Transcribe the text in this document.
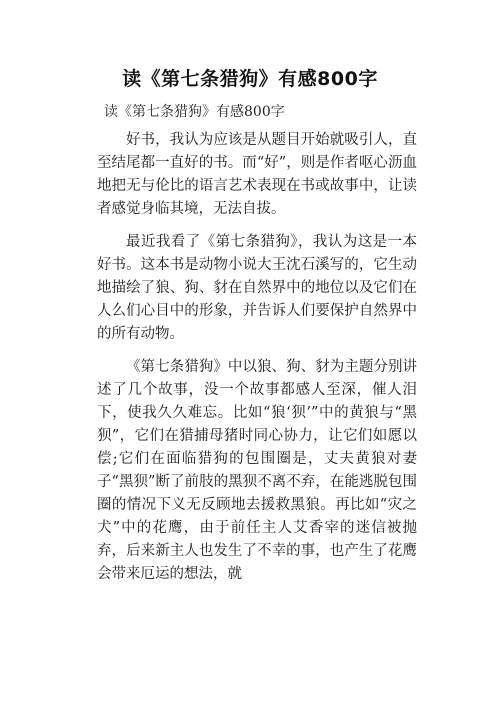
读《第七条猎狗》有感800字
读《第七条猎狗》有感800字

好书，我认为应该是从题目开始就吸引人，直至结尾都一直好的书。而“好”，则是作者呕心沥血地把无与伦比的语言艺术表现在书或故事中，让读者感觉身临其境，无法自拔。

最近我看了《第七条猎狗》，我认为这是一本好书。这本书是动物小说大王沈石溪写的，它生动地描绘了狼、狗、豺在自然界中的地位以及它们在人么们心目中的形象，并告诉人们要保护自然界中的所有动物。

《第七条猎狗》中以狼、狗、豺为主题分别讲述了几个故事，没一个故事都感人至深，催人泪下，使我久久难忘。比如“狼‘狈’”中的黄狼与“黑狈”，它们在猎捕母猪时同心协力，让它们如愿以偿;它们在面临猎狗的包围圈是，丈夫黄狼对妻子“黑狈”断了前肢的黑狈不离不弃，在能逃脱包围圈的情况下义无反顾地去援救黑狼。再比如“灾之犬”中的花鹰，由于前任主人艾香宰的迷信被抛弃，后来新主人也发生了不幸的事，也产生了花鹰会带来厄运的想法，就
